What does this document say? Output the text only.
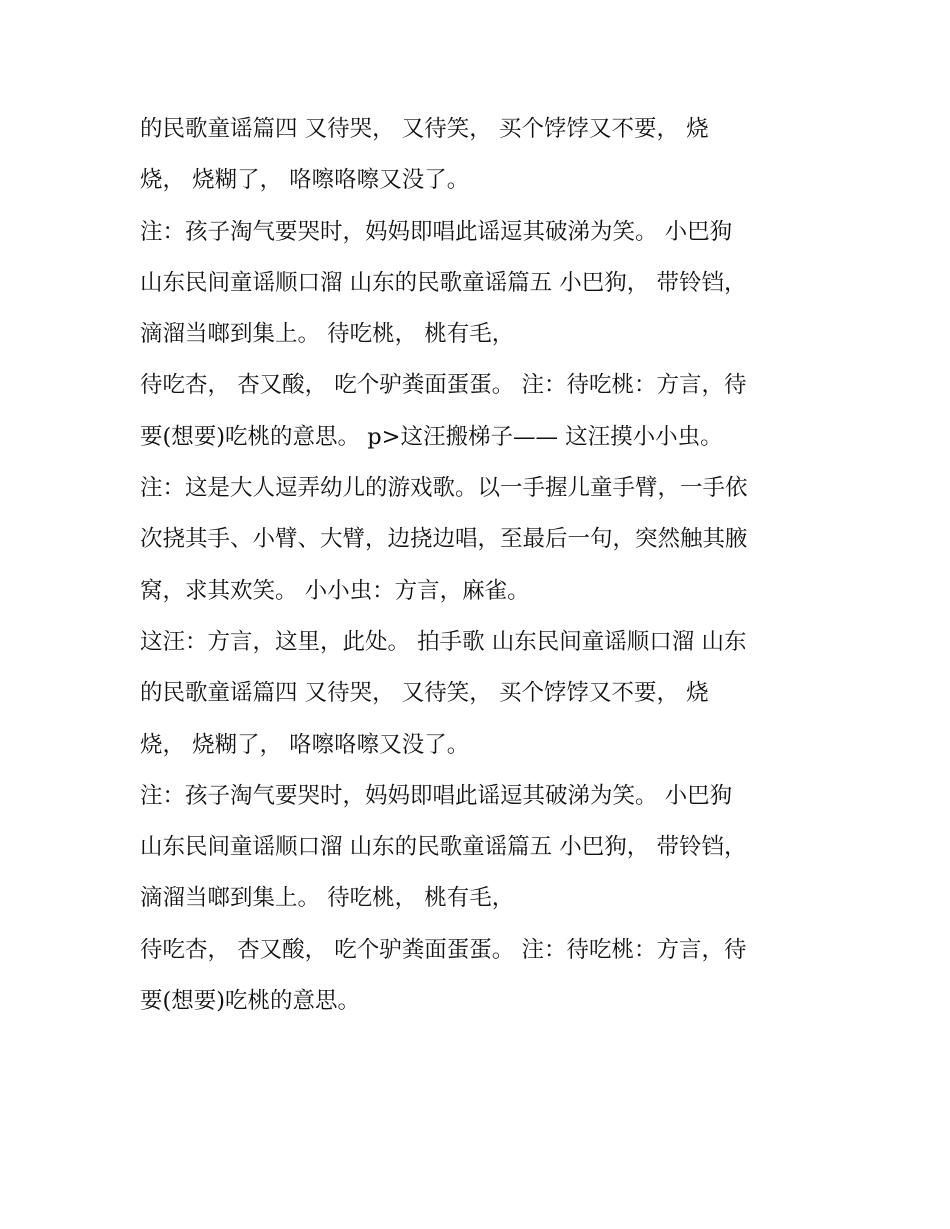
的民歌童谣篇四 又待哭， 又待笑， 买个饽饽又不要， 烧
烧， 烧糊了， 咯嚓咯嚓又没了。
注：孩子淘气要哭时，妈妈即唱此谣逗其破涕为笑。 小巴狗
山东民间童谣顺口溜 山东的民歌童谣篇五 小巴狗， 带铃铛，
滴溜当啷到集上。 待吃桃， 桃有毛，
待吃杏， 杏又酸， 吃个驴粪面蛋蛋。 注：待吃桃：方言，待
要(想要)吃桃的意思。 p>这汪搬梯子—— 这汪摸小小虫。
注：这是大人逗弄幼儿的游戏歌。以一手握儿童手臂，一手依
次挠其手、小臂、大臂，边挠边唱，至最后一句，突然触其腋
窝，求其欢笑。 小小虫：方言，麻雀。
这汪：方言，这里，此处。 拍手歌 山东民间童谣顺口溜 山东
的民歌童谣篇四 又待哭， 又待笑， 买个饽饽又不要， 烧
烧， 烧糊了， 咯嚓咯嚓又没了。
注：孩子淘气要哭时，妈妈即唱此谣逗其破涕为笑。 小巴狗
山东民间童谣顺口溜 山东的民歌童谣篇五 小巴狗， 带铃铛，
滴溜当啷到集上。 待吃桃， 桃有毛，
待吃杏， 杏又酸， 吃个驴粪面蛋蛋。 注：待吃桃：方言，待
要(想要)吃桃的意思。
